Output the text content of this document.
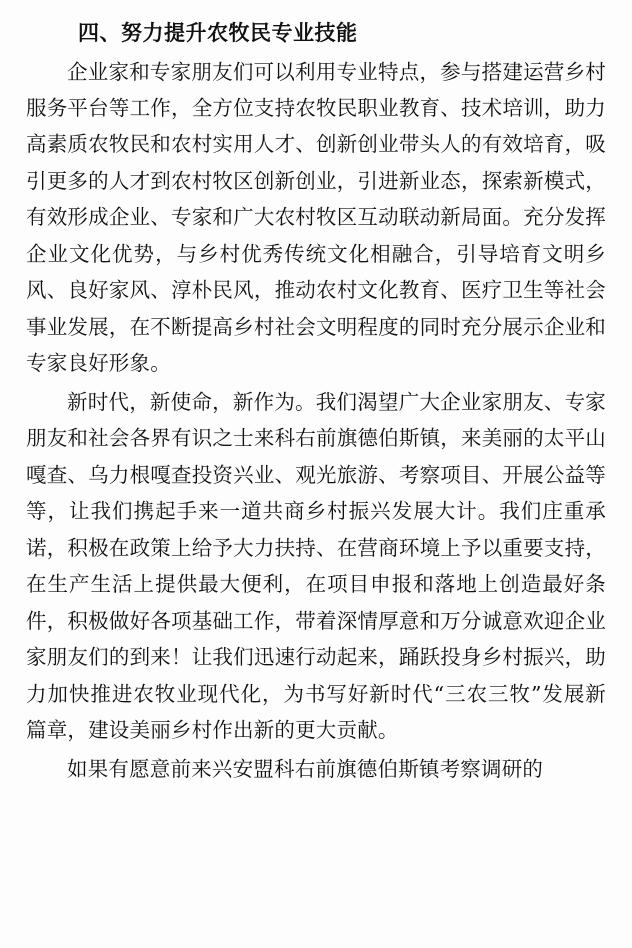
四、努力提升农牧民专业技能

企业家和专家朋友们可以利用专业特点，参与搭建运营乡村服务平台等工作，全方位支持农牧民职业教育、技术培训，助力高素质农牧民和农村实用人才、创新创业带头人的有效培育，吸引更多的人才到农村牧区创新创业，引进新业态，探索新模式，有效形成企业、专家和广大农村牧区互动联动新局面。充分发挥企业文化优势，与乡村优秀传统文化相融合，引导培育文明乡风、良好家风、淳朴民风，推动农村文化教育、医疗卫生等社会事业发展，在不断提高乡村社会文明程度的同时充分展示企业和专家良好形象。

新时代，新使命，新作为。我们渴望广大企业家朋友、专家朋友和社会各界有识之士来科右前旗德伯斯镇，来美丽的太平山嘎查、乌力根嘎查投资兴业、观光旅游、考察项目、开展公益等等，让我们携起手来一道共商乡村振兴发展大计。我们庄重承诺，积极在政策上给予大力扶持、在营商环境上予以重要支持，在生产生活上提供最大便利，在项目申报和落地上创造最好条件，积极做好各项基础工作，带着深情厚意和万分诚意欢迎企业家朋友们的到来！让我们迅速行动起来，踊跃投身乡村振兴，助力加快推进农牧业现代化，为书写好新时代“三农三牧”发展新篇章，建设美丽乡村作出新的更大贡献。

如果有愿意前来兴安盟科右前旗德伯斯镇考察调研的
